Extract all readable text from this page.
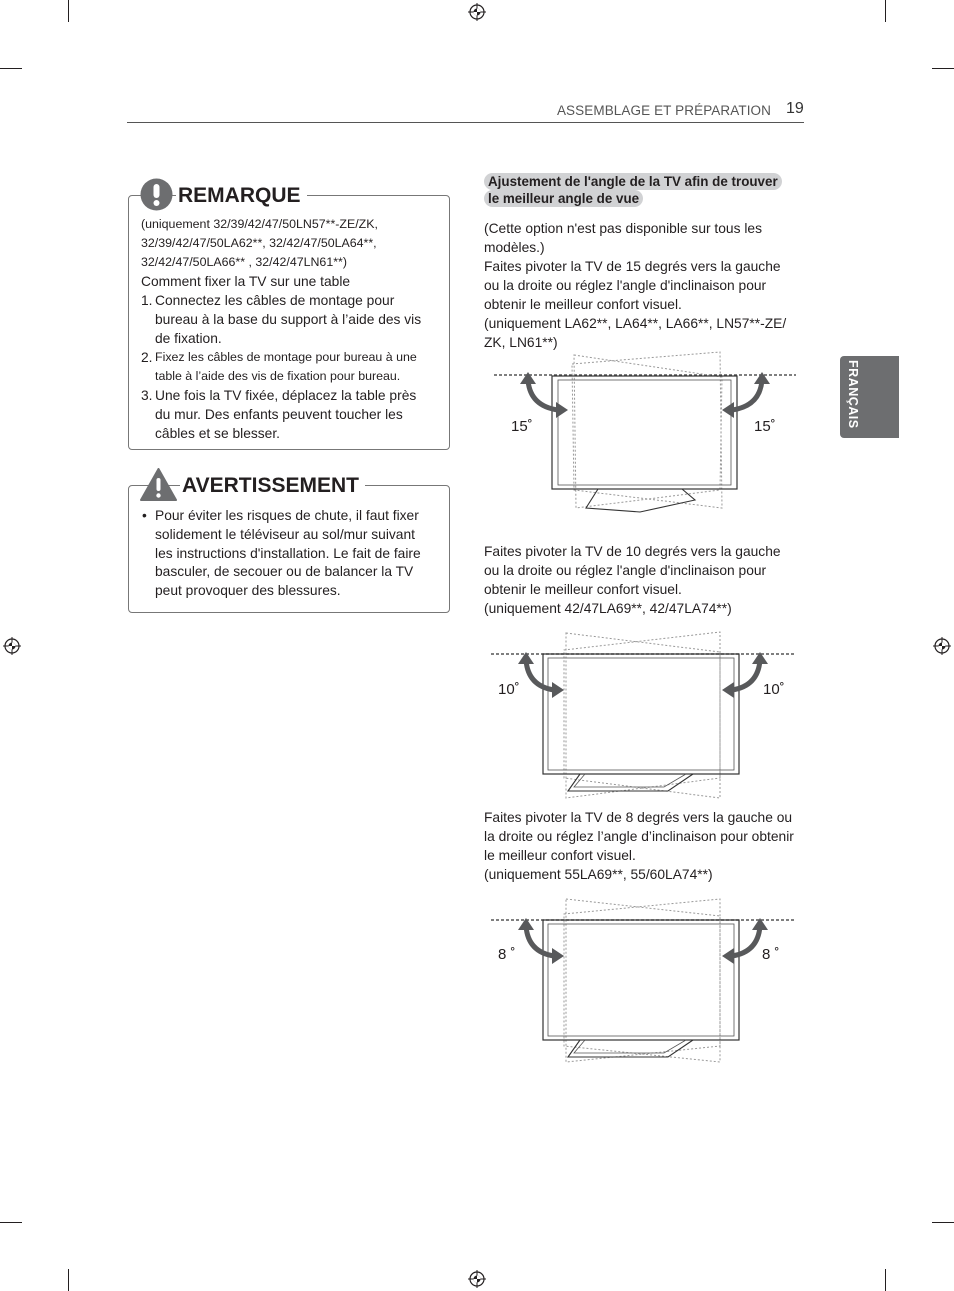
ASSEMBLAGE ET PRÉPARATION 19
FRANÇAIS
REMARQUE
(uniquement 32/39/42/47/50LN57**-ZE/ZK,
32/39/42/47/50LA62**, 32/42/47/50LA64**,
32/42/47/50LA66** , 32/42/47LN61**)
Comment fixer la TV sur une table
1. Connectez les câbles de montage pour
bureau à la base du support à l’aide des vis
de fixation.
2. Fixez les câbles de montage pour bureau à une
table à l’aide des vis de fixation pour bureau.
3. Une fois la TV fixée, déplacez la table près
du mur. Des enfants peuvent toucher les
câbles et se blesser.
AVERTISSEMENT
• Pour éviter les risques de chute, il faut fixer
solidement le téléviseur au sol/mur suivant
les instructions d'installation. Le fait de faire
basculer, de secouer ou de balancer la TV
peut provoquer des blessures.
Ajustement de l'angle de la TV afin de trouver
le meilleur angle de vue
(Cette option n'est pas disponible sur tous les
modèles.)
Faites pivoter la TV de 15 degrés vers la gauche
ou la droite ou réglez l'angle d'inclinaison pour
obtenir le meilleur confort visuel.
(uniquement LA62**, LA64**, LA66**, LN57**-ZE/
ZK, LN61**)
15˚	15˚
Faites pivoter la TV de 10 degrés vers la gauche
ou la droite ou réglez l'angle d'inclinaison pour
obtenir le meilleur confort visuel.
(uniquement 42/47LA69**, 42/47LA74**)
10˚	10˚
Faites pivoter la TV de 8 degrés vers la gauche ou
la droite ou réglez l’angle d’inclinaison pour obtenir
le meilleur confort visuel.
(uniquement 55LA69**, 55/60LA74**)
8 ˚	8 ˚
